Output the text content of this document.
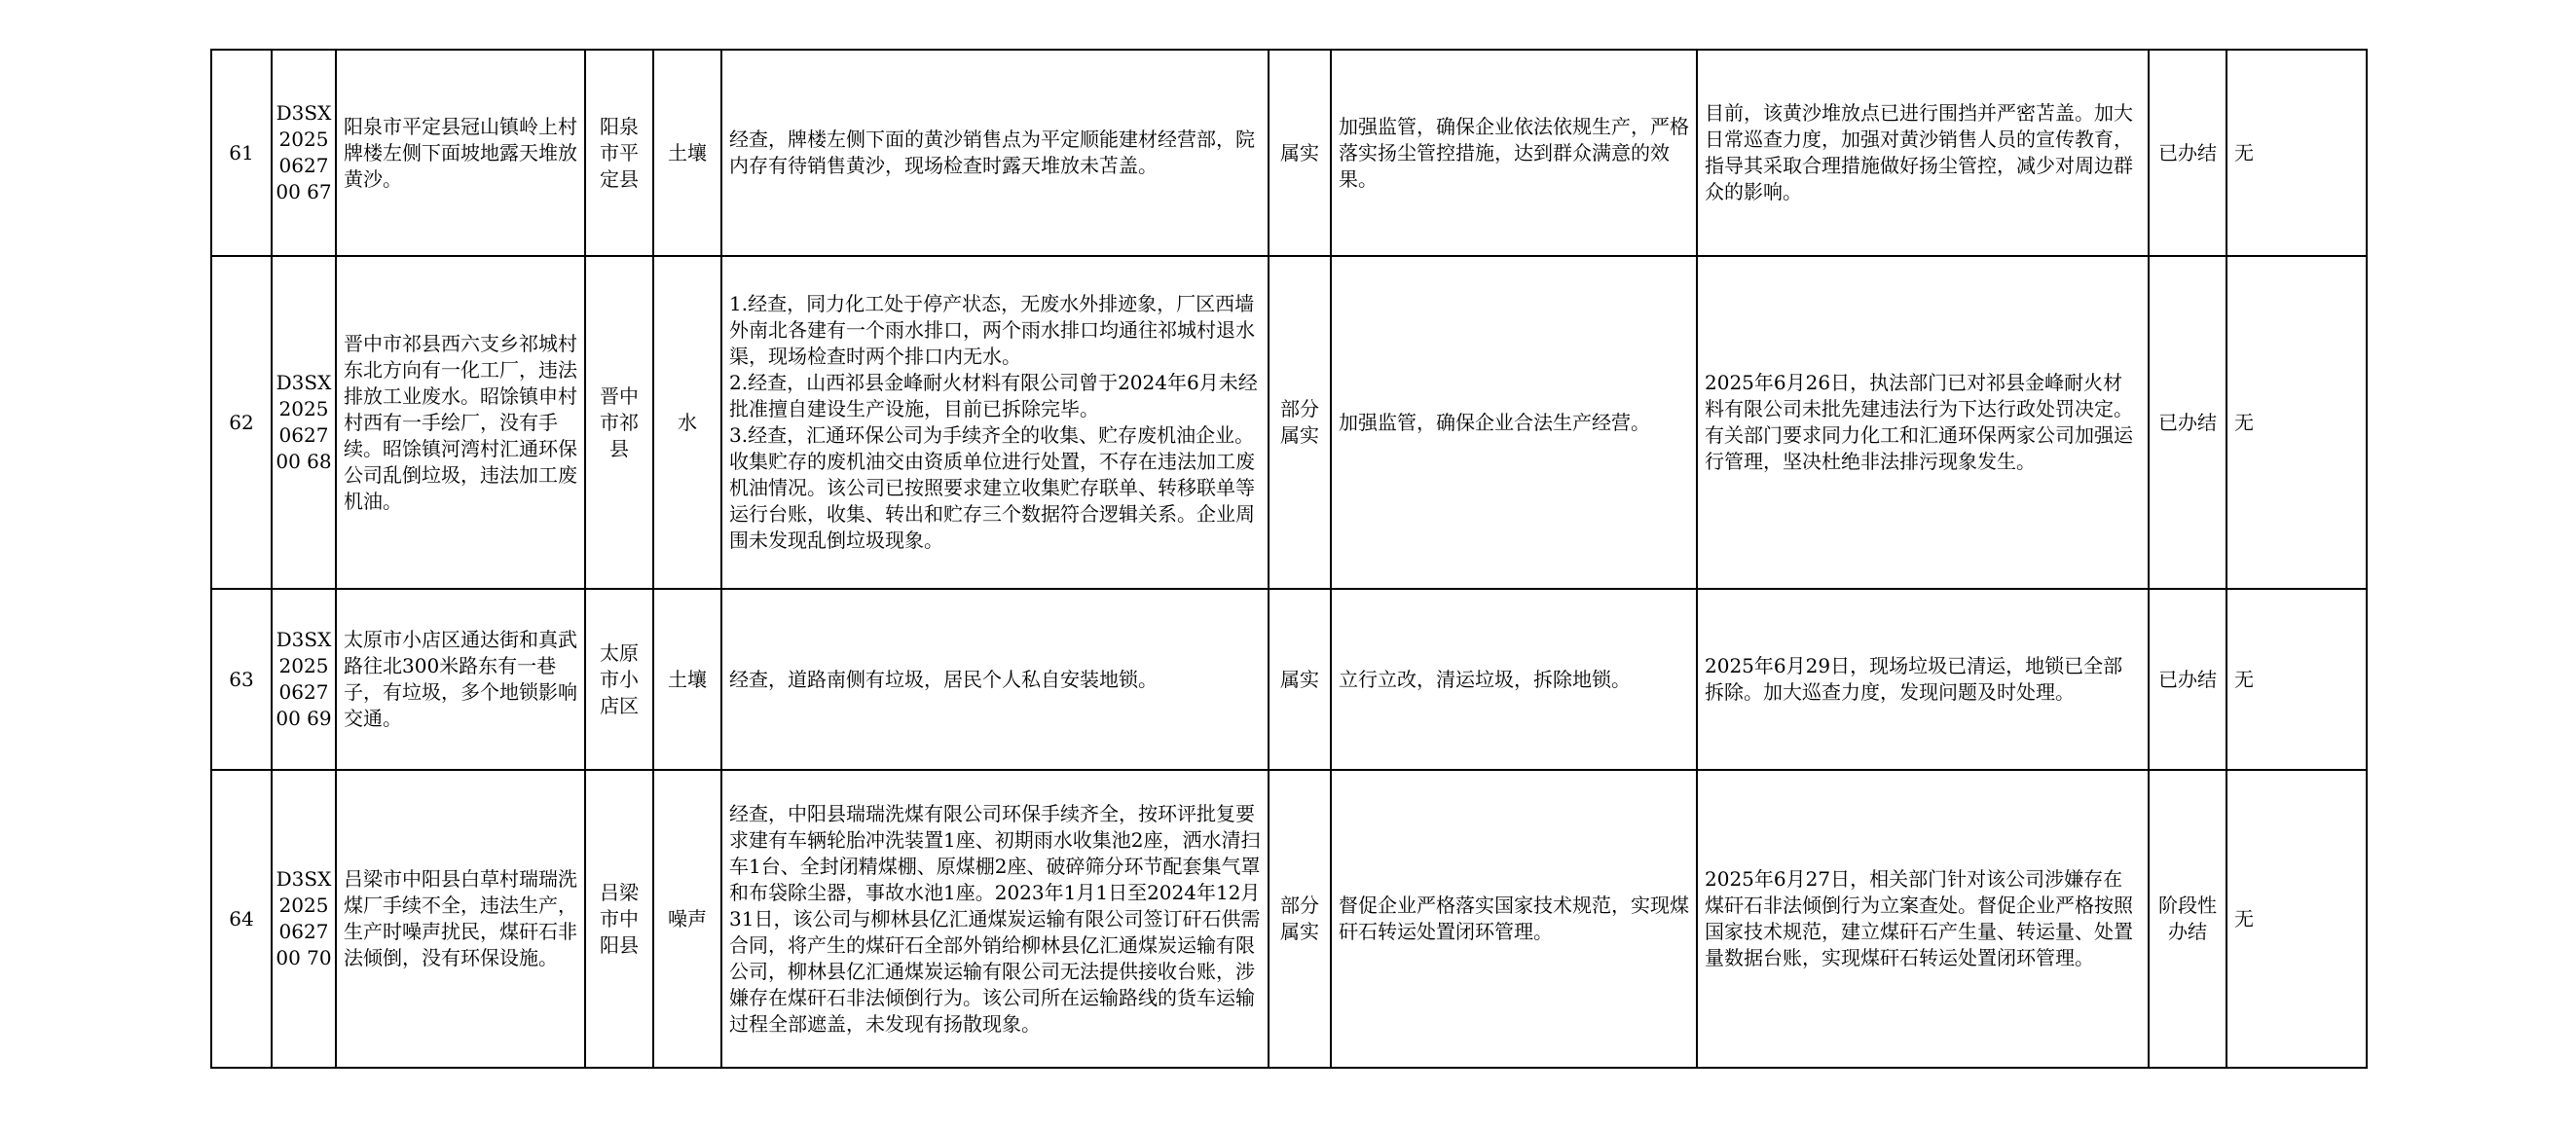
61	D3SX2025062700 67	阳泉市平定县冠山镇岭上村牌楼左侧下面坡地露天堆放黄沙。	阳泉市平定县	土壤	经查，牌楼左侧下面的黄沙销售点为平定顺能建材经营部，院内存有待销售黄沙，现场检查时露天堆放未苫盖。	属实	加强监管，确保企业依法依规生产，严格落实扬尘管控措施，达到群众满意的效果。	目前，该黄沙堆放点已进行围挡并严密苫盖。加大日常巡查力度，加强对黄沙销售人员的宣传教育，指导其采取合理措施做好扬尘管控，减少对周边群众的影响。	已办结	无
62	D3SX2025062700 68	晋中市祁县西六支乡祁城村东北方向有一化工厂，违法排放工业废水。昭馀镇申村村西有一手绘厂，没有手续。昭馀镇河湾村汇通环保公司乱倒垃圾，违法加工废机油。	晋中市祁县	水	1.经查，同力化工处于停产状态，无废水外排迹象，厂区西墙外南北各建有一个雨水排口，两个雨水排口均通往祁城村退水渠，现场检查时两个排口内无水。
2.经查，山西祁县金峰耐火材料有限公司曾于2024年6月未经批准擅自建设生产设施，目前已拆除完毕。
3.经查，汇通环保公司为手续齐全的收集、贮存废机油企业。收集贮存的废机油交由资质单位进行处置，不存在违法加工废机油情况。该公司已按照要求建立收集贮存联单、转移联单等运行台账，收集、转出和贮存三个数据符合逻辑关系。企业周围未发现乱倒垃圾现象。	部分属实	加强监管，确保企业合法生产经营。	2025年6月26日，执法部门已对祁县金峰耐火材料有限公司未批先建违法行为下达行政处罚决定。有关部门要求同力化工和汇通环保两家公司加强运行管理，坚决杜绝非法排污现象发生。	已办结	无
63	D3SX2025062700 69	太原市小店区通达街和真武路往北300米路东有一巷子，有垃圾，多个地锁影响交通。	太原市小店区	土壤	经查，道路南侧有垃圾，居民个人私自安装地锁。	属实	立行立改，清运垃圾，拆除地锁。	2025年6月29日，现场垃圾已清运，地锁已全部拆除。加大巡查力度，发现问题及时处理。	已办结	无
64	D3SX2025062700 70	吕梁市中阳县白草村瑞瑞洗煤厂手续不全，违法生产，生产时噪声扰民，煤矸石非法倾倒，没有环保设施。	吕梁市中阳县	噪声	经查，中阳县瑞瑞洗煤有限公司环保手续齐全，按环评批复要求建有车辆轮胎冲洗装置1座、初期雨水收集池2座，洒水清扫车1台、全封闭精煤棚、原煤棚2座、破碎筛分环节配套集气罩和布袋除尘器，事故水池1座。2023年1月1日至2024年12月31日，该公司与柳林县亿汇通煤炭运输有限公司签订矸石供需合同，将产生的煤矸石全部外销给柳林县亿汇通煤炭运输有限公司，柳林县亿汇通煤炭运输有限公司无法提供接收台账，涉嫌存在煤矸石非法倾倒行为。该公司所在运输路线的货车运输过程全部遮盖，未发现有扬散现象。	部分属实	督促企业严格落实国家技术规范，实现煤矸石转运处置闭环管理。	2025年6月27日，相关部门针对该公司涉嫌存在煤矸石非法倾倒行为立案查处。督促企业严格按照国家技术规范，建立煤矸石产生量、转运量、处置量数据台账，实现煤矸石转运处置闭环管理。	阶段性办结	无
